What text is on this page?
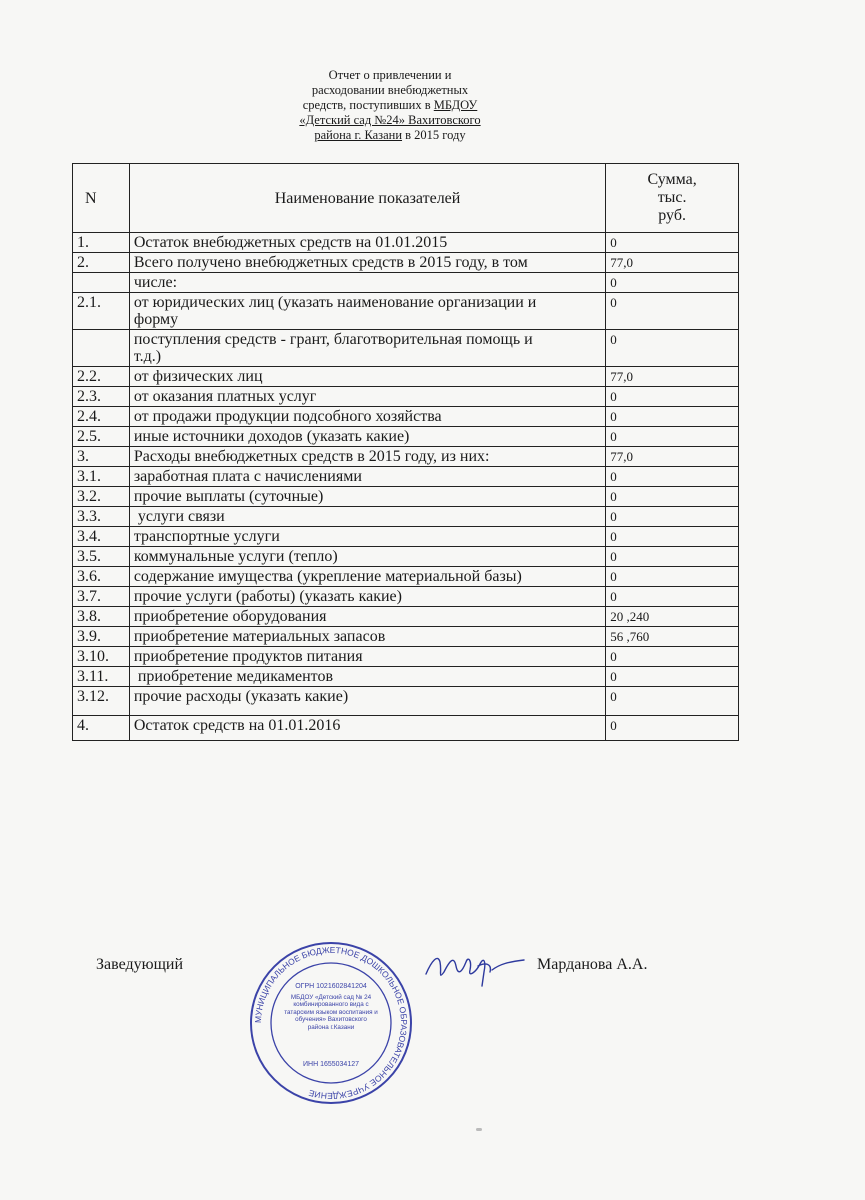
Отчет о привлечении и
расходовании внебюджетных
средств, поступивших в МБДОУ
«Детский сад №24» Вахитовского
района г. Казани в 2015 году
N	Наименование показателей	Сумма,
тыс.
руб.

1.	Остаток внебюджетных средств на 01.01.2015	0
2.	Всего получено внебюджетных средств в 2015 году, в том	77,0
	числе:	0
2.1.	от юридических лиц (указать наименование организации и
форму	0

	поступления средств - грант, благотворительная помощь и
т.д.)	0
2.2.	от физических лиц	77,0
2.3.	от оказания платных услуг	0
2.4.	от продажи продукции подсобного хозяйства	0
2.5.	иные источники доходов (указать какие)	0
3.	Расходы внебюджетных средств в 2015 году, из них:	77,0
3.1.	заработная плата с начислениями	0
3.2.	прочие выплаты (суточные)	0
3.3.	услуги связи	0
3.4.	транспортные услуги	0
3.5.	коммунальные услуги (тепло)	0
3.6.	содержание имущества (укрепление материальной базы)	0
3.7.	прочие услуги (работы) (указать какие)	0
3.8.	приобретение оборудования	20 ,240
3.9.	приобретение материальных запасов	56 ,760
3.10.	приобретение продуктов питания	0
3.11.	приобретение медикаментов	0
3.12.	прочие расходы (указать какие)	0
4.	Остаток средств на 01.01.2016	0
Заведующий
МУНИЦИПАЛЬНОЕ БЮДЖЕТНОЕ ДОШКОЛЬНОЕ ОБРАЗОВАТЕЛЬНОЕ УЧРЕЖДЕНИЕ
ОГРН 1021602841204
МБДОУ «Детский сад № 24 комбинированного вида с татарским языком воспитания и обучения» Вахитовского района г.Казани
ИНН 1655034127
Марданова А.А.
